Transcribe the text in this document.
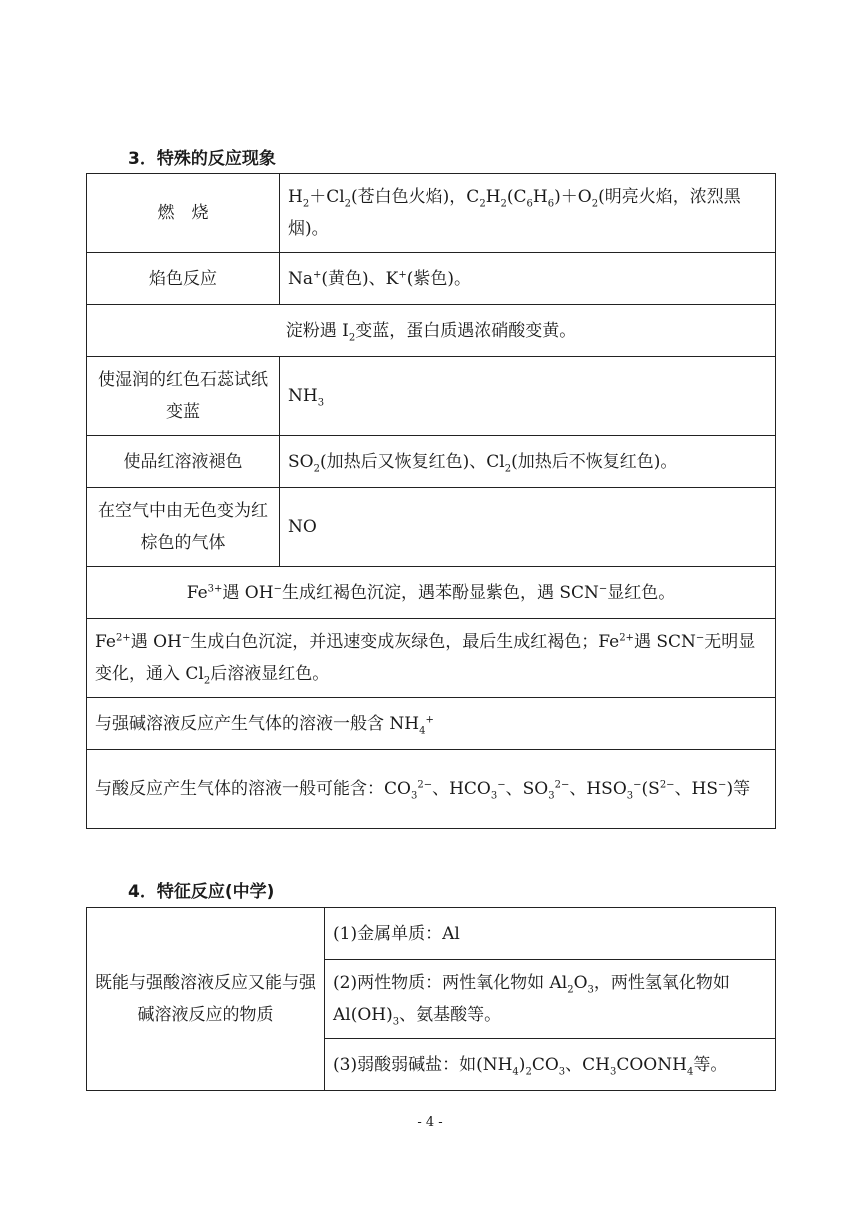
3．特殊的反应现象
燃　烧	$H_2+Cl_2$(苍白色火焰)，$C_2H_2(C_6H_6)+O_2$(明亮火焰，浓烈黑烟)。
焰色反应	Na+(黄色)、K+(紫色)。
淀粉遇 $I_2$变蓝，蛋白质遇浓硝酸变黄。	
使湿润的红色石蕊试纸变蓝	$NH_3$
使品红溶液褪色	$SO_2$(加热后又恢复红色)、$Cl_2$(加热后不恢复红色)。
在空气中由无色变为红棕色的气体	NO
$Fe^{3+}$遇 OH−生成红褐色沉淀，遇苯酚显紫色，遇 SCN−显红色。	
$Fe^{2+}$遇 OH−生成白色沉淀，并迅速变成灰绿色，最后生成红褐色；$Fe^{2+}$遇 SCN−无明显变化，通入 $Cl_2$后溶液显红色。	
与强碱溶液反应产生气体的溶液一般含 $NH_4^+$
与酸反应产生气体的溶液一般可能含：$CO_3^{2-}$、$HCO_3^-$、$SO_3^{2-}$、$HSO_3^-(S^{2-}$、HS−)等	
4．特征反应(中学)
既能与强酸溶液反应又能与强碱溶液反应的物质	(1)金属单质：Al
(2)两性物质：两性氧化物如 $Al_2O_3$，两性氢氧化物如 $Al(OH)_3$、氨基酸等。
(3)弱酸弱碱盐：如$(NH_4)_2CO_3$、$CH_3COONH_4$等。
- 4 -
